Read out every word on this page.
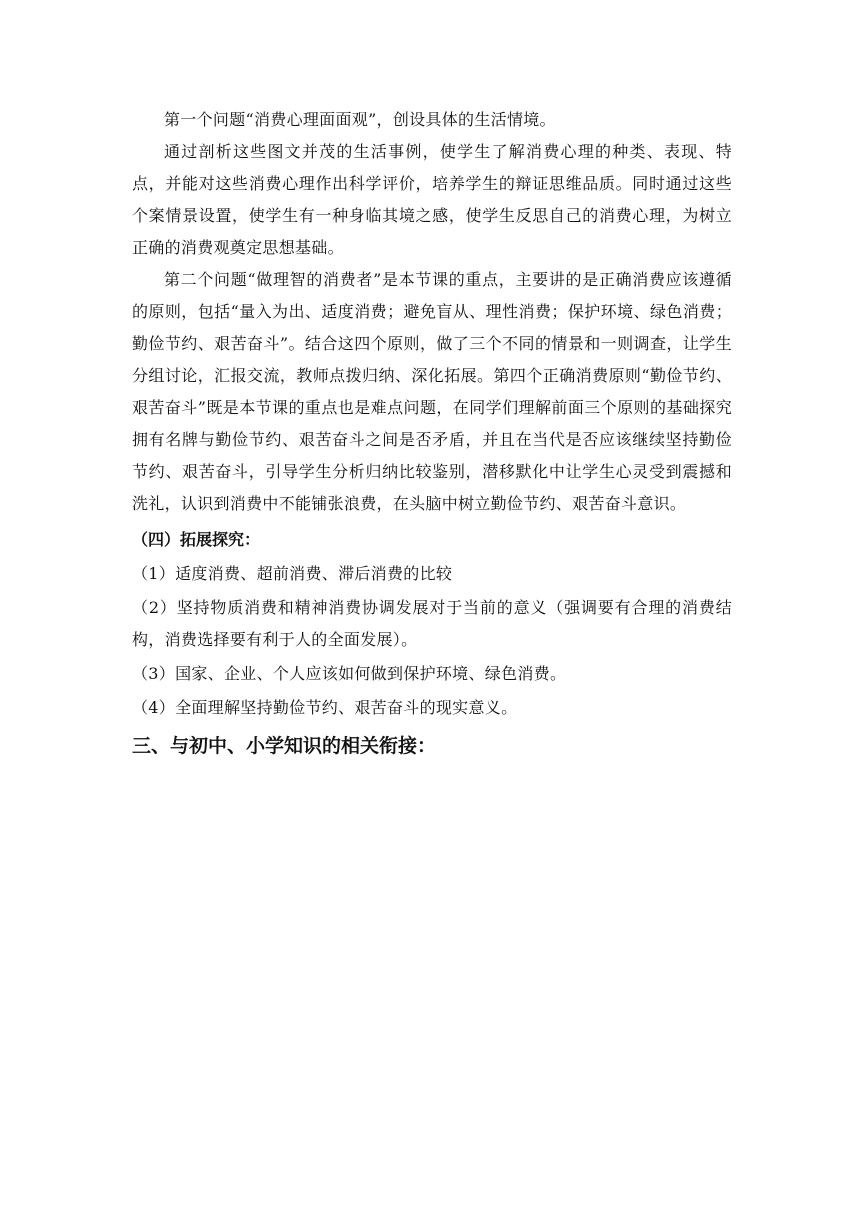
第一个问题“消费心理面面观”，创设具体的生活情境。

通过剖析这些图文并茂的生活事例，使学生了解消费心理的种类、表现、特点，并能对这些消费心理作出科学评价，培养学生的辩证思维品质。同时通过这些个案情景设置，使学生有一种身临其境之感，使学生反思自己的消费心理，为树立正确的消费观奠定思想基础。

第二个问题“做理智的消费者”是本节课的重点，主要讲的是正确消费应该遵循的原则，包括“量入为出、适度消费；避免盲从、理性消费；保护环境、绿色消费；勤俭节约、艰苦奋斗”。结合这四个原则，做了三个不同的情景和一则调查，让学生分组讨论，汇报交流，教师点拨归纳、深化拓展。第四个正确消费原则“勤俭节约、艰苦奋斗”既是本节课的重点也是难点问题，在同学们理解前面三个原则的基础探究拥有名牌与勤俭节约、艰苦奋斗之间是否矛盾，并且在当代是否应该继续坚持勤俭节约、艰苦奋斗，引导学生分析归纳比较鉴别，潜移默化中让学生心灵受到震撼和洗礼，认识到消费中不能铺张浪费，在头脑中树立勤俭节约、艰苦奋斗意识。

（四）拓展探究：

（1）适度消费、超前消费、滞后消费的比较

（2）坚持物质消费和精神消费协调发展对于当前的意义（强调要有合理的消费结构，消费选择要有利于人的全面发展）。

（3）国家、企业、个人应该如何做到保护环境、绿色消费。

（4）全面理解坚持勤俭节约、艰苦奋斗的现实意义。

三、与初中、小学知识的相关衔接：
